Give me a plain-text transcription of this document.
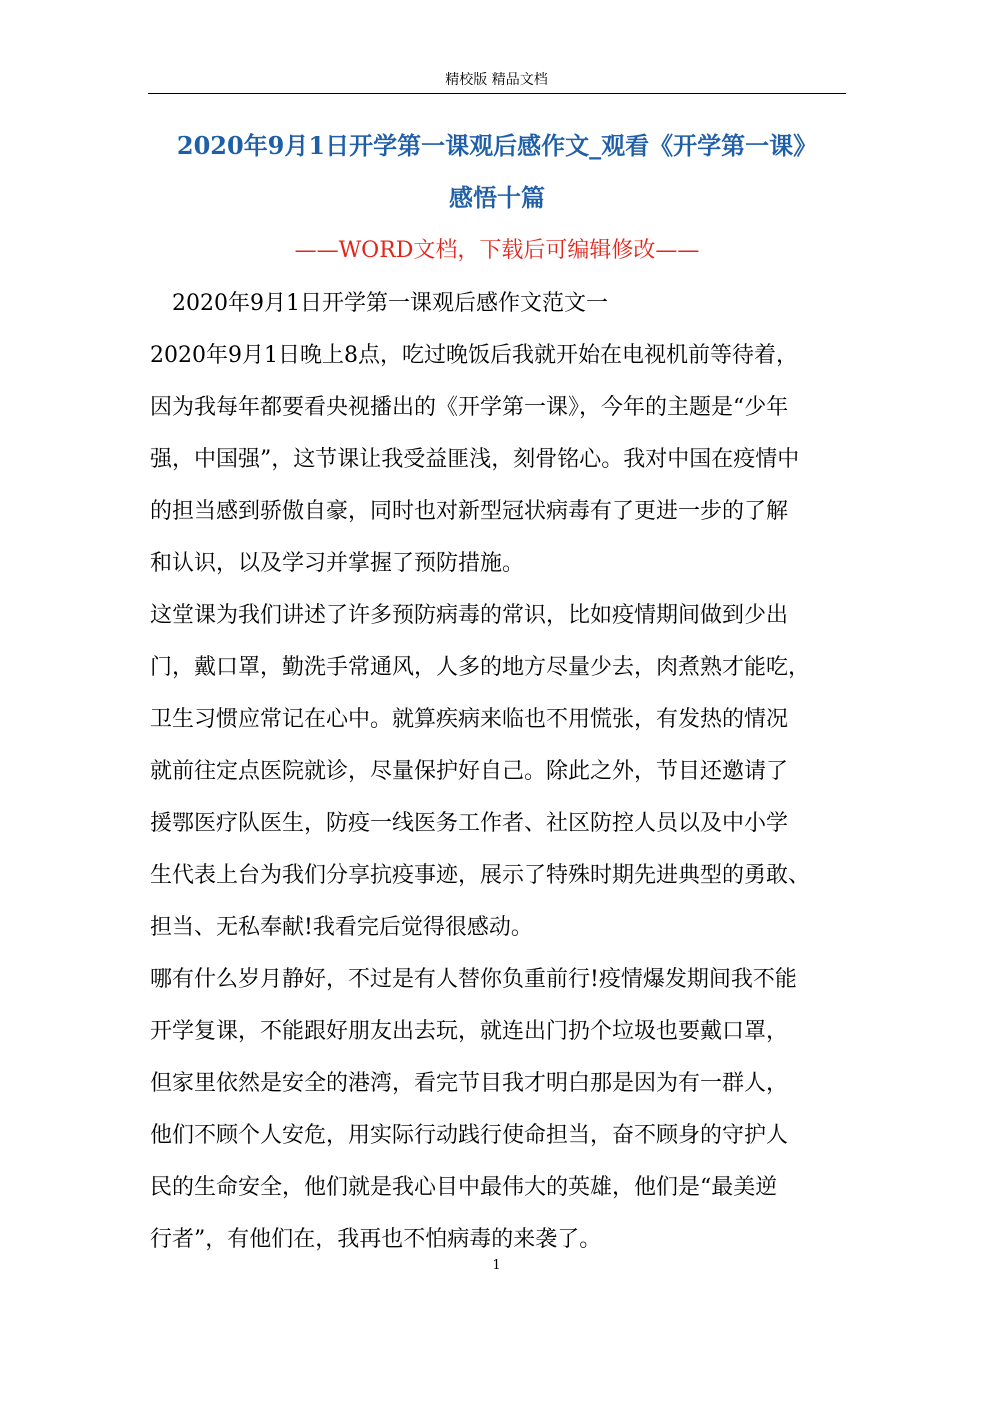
精校版 精品文档
2020年9月1日开学第一课观后感作文_观看《开学第一课》
感悟十篇
——WORD文档，下载后可编辑修改——
2020年9月1日开学第一课观后感作文范文一
2020年9月1日晚上8点，吃过晚饭后我就开始在电视机前等待着，
因为我每年都要看央视播出的《开学第一课》，今年的主题是“少年
强，中国强”，这节课让我受益匪浅，刻骨铭心。我对中国在疫情中
的担当感到骄傲自豪，同时也对新型冠状病毒有了更进一步的了解
和认识，以及学习并掌握了预防措施。
这堂课为我们讲述了许多预防病毒的常识，比如疫情期间做到少出
门，戴口罩，勤洗手常通风，人多的地方尽量少去，肉煮熟才能吃，
卫生习惯应常记在心中。就算疾病来临也不用慌张，有发热的情况
就前往定点医院就诊，尽量保护好自己。除此之外，节目还邀请了
援鄂医疗队医生，防疫一线医务工作者、社区防控人员以及中小学
生代表上台为我们分享抗疫事迹，展示了特殊时期先进典型的勇敢、
担当、无私奉献!我看完后觉得很感动。
哪有什么岁月静好，不过是有人替你负重前行!疫情爆发期间我不能
开学复课，不能跟好朋友出去玩，就连出门扔个垃圾也要戴口罩，
但家里依然是安全的港湾，看完节目我才明白那是因为有一群人，
他们不顾个人安危，用实际行动践行使命担当，奋不顾身的守护人
民的生命安全，他们就是我心目中最伟大的英雄，他们是“最美逆
行者”，有他们在，我再也不怕病毒的来袭了。
1
